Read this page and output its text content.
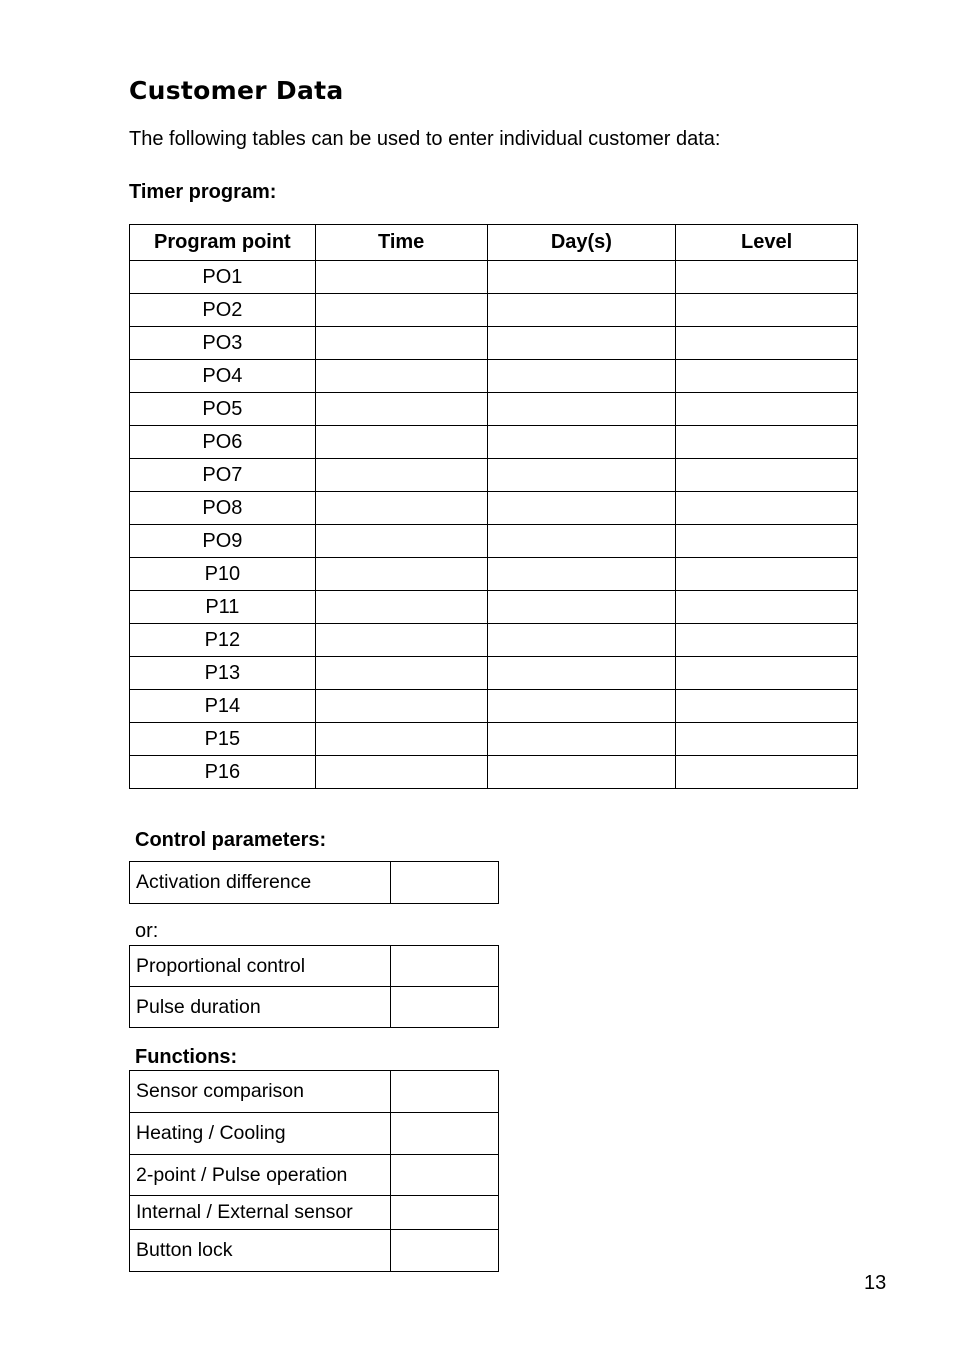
Customer Data

The following tables can be used to enter individual customer data:

Timer program:

Program point	Time	Day(s)	Level
PO1			
PO2			
PO3			
PO4			
PO5			
PO6			
PO7			
PO8			
PO9			
P10			
P11			
P12			
P13			
P14			
P15			
P16			

Control parameters:

Activation difference	

or:

Proportional control	
Pulse duration	

Functions:

Sensor comparison	
Heating / Cooling	
2-point / Pulse operation	
Internal / External sensor	
Button lock	

13
